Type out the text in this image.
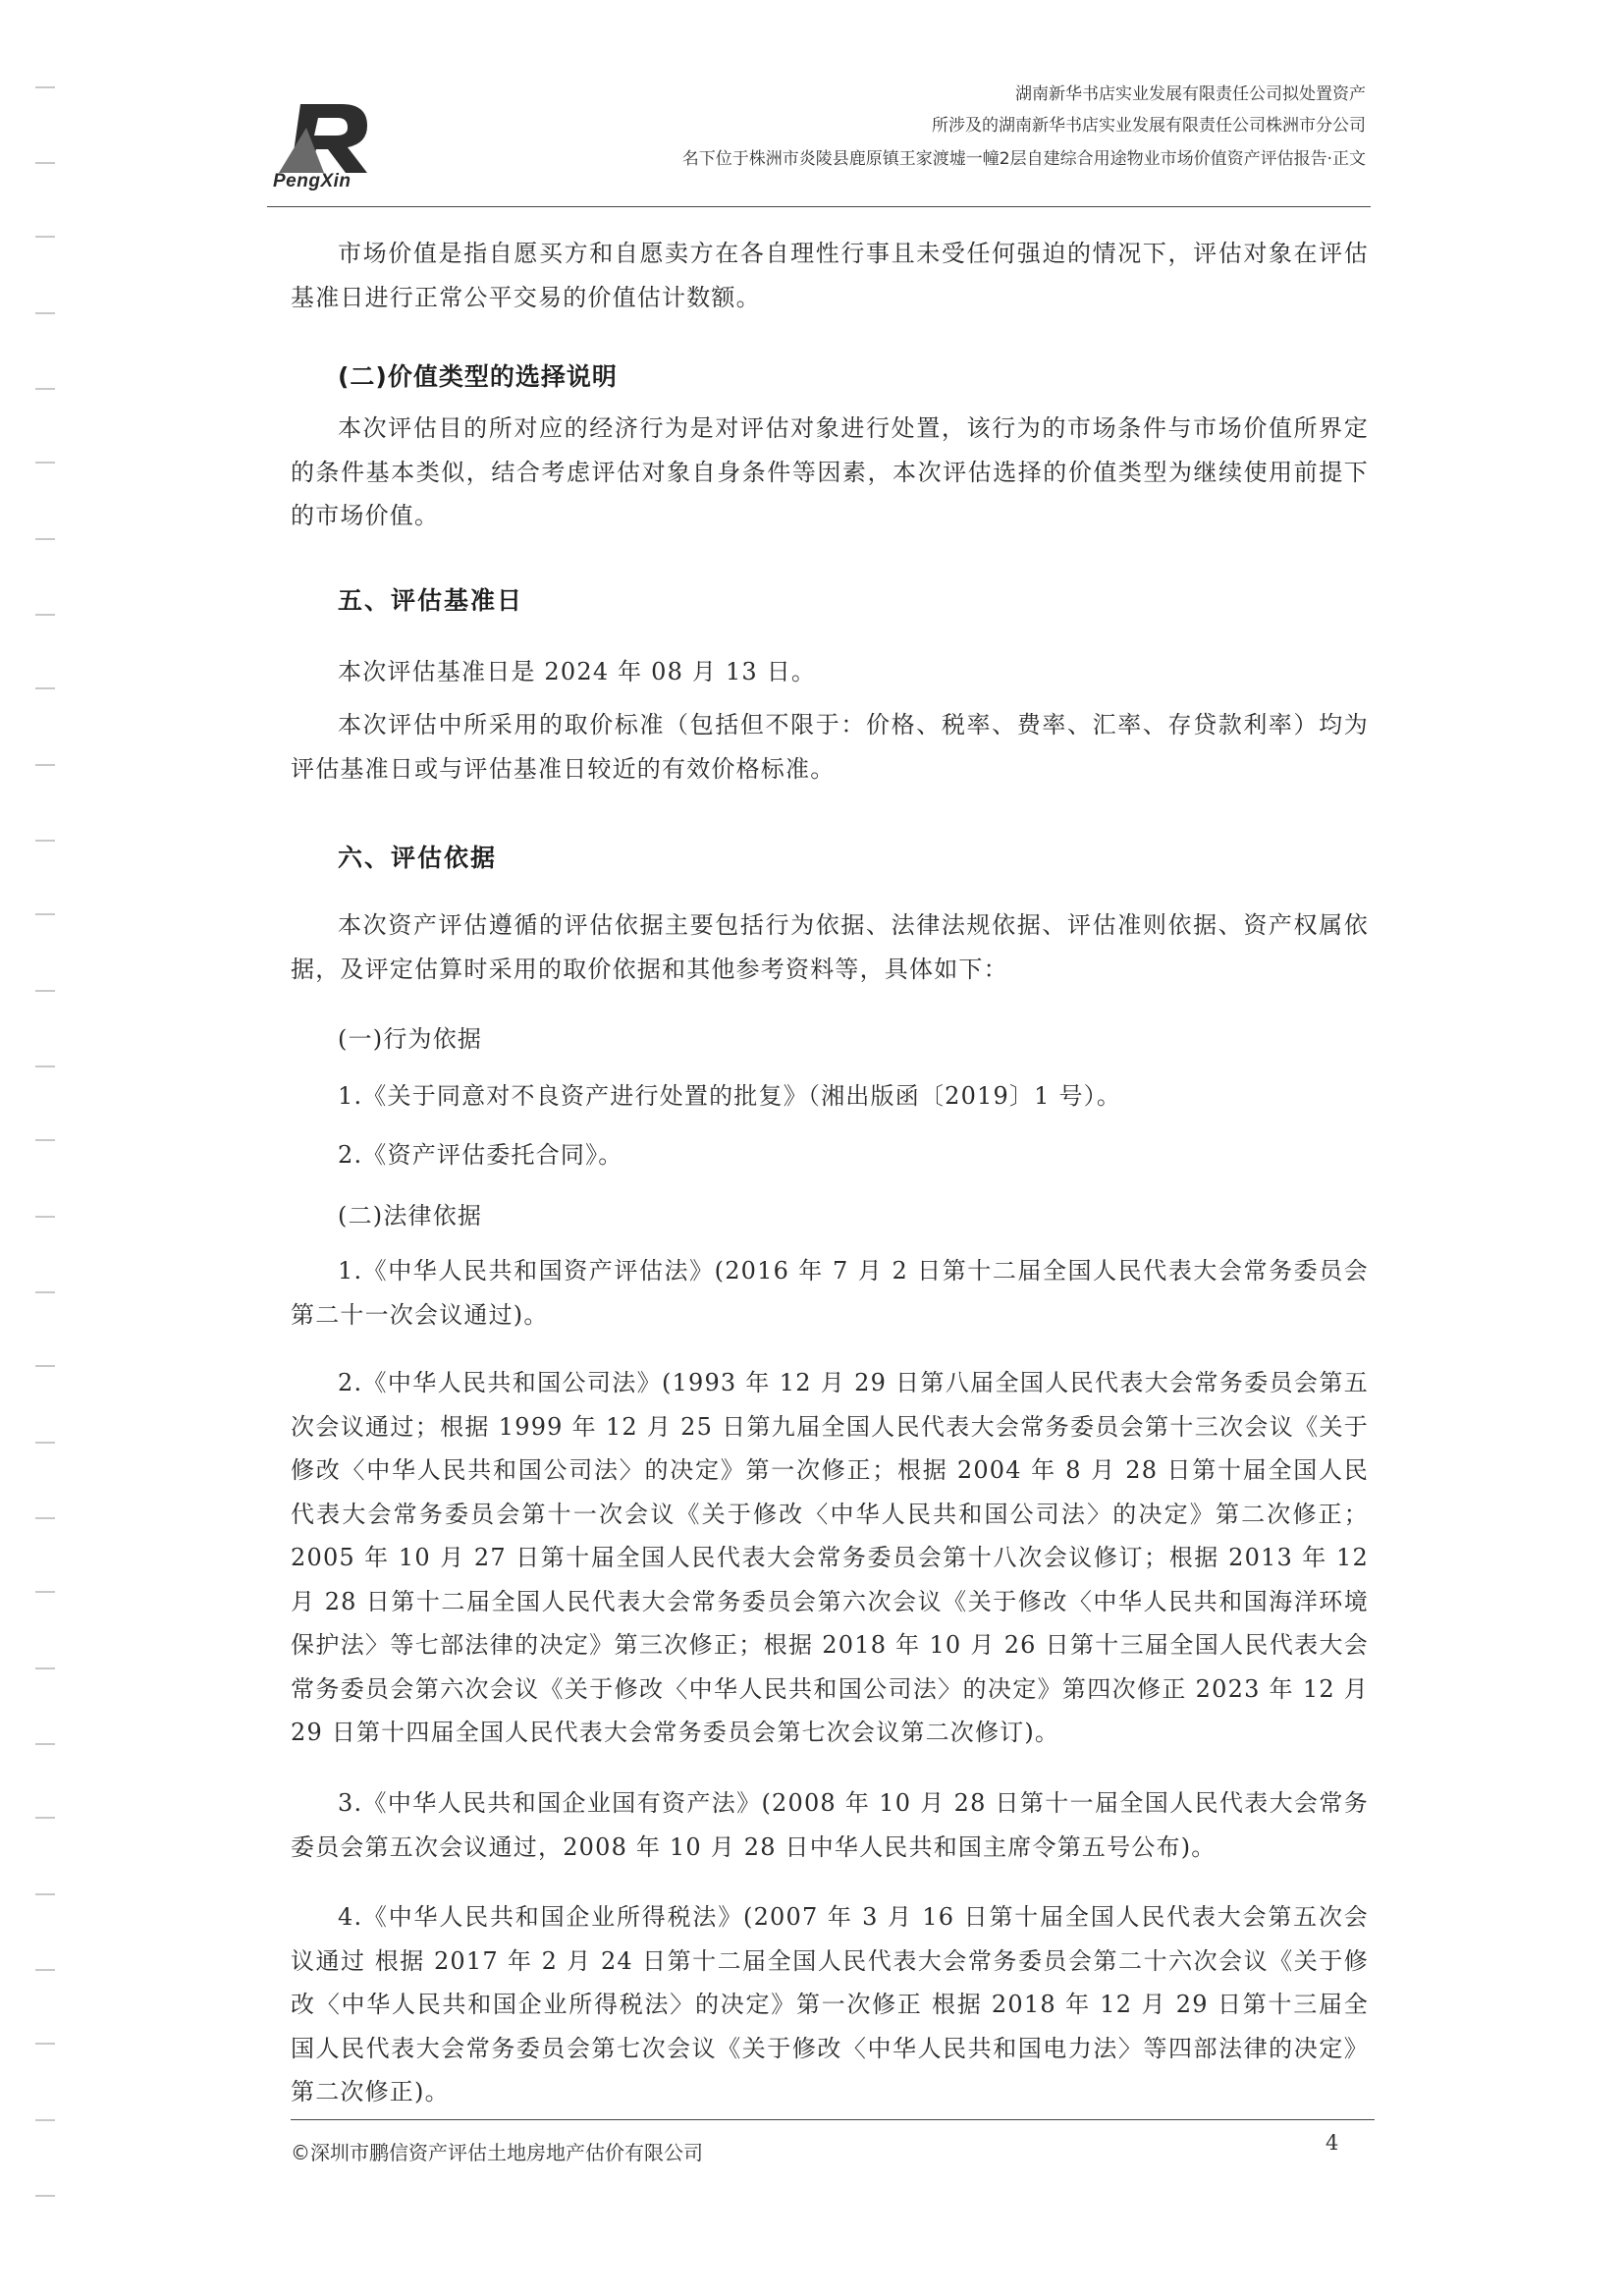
PengXin
湖南新华书店实业发展有限责任公司拟处置资产
所涉及的湖南新华书店实业发展有限责任公司株洲市分公司
名下位于株洲市炎陵县鹿原镇王家渡墟一幢2层自建综合用途物业市场价值资产评估报告·正文
市场价值是指自愿买方和自愿卖方在各自理性行事且未受任何强迫的情况下，评估对象在评估基准日进行正常公平交易的价值估计数额。
(二)价值类型的选择说明
本次评估目的所对应的经济行为是对评估对象进行处置，该行为的市场条件与市场价值所界定的条件基本类似，结合考虑评估对象自身条件等因素，本次评估选择的价值类型为继续使用前提下的市场价值。
五、评估基准日
本次评估基准日是 2024 年 08 月 13 日。
本次评估中所采用的取价标准（包括但不限于：价格、税率、费率、汇率、存贷款利率）均为评估基准日或与评估基准日较近的有效价格标准。
六、评估依据
本次资产评估遵循的评估依据主要包括行为依据、法律法规依据、评估准则依据、资产权属依据，及评定估算时采用的取价依据和其他参考资料等，具体如下：
(一)行为依据
1.《关于同意对不良资产进行处置的批复》（湘出版函〔2019〕1 号）。
2.《资产评估委托合同》。
(二)法律依据
1.《中华人民共和国资产评估法》(2016 年 7 月 2 日第十二届全国人民代表大会常务委员会第二十一次会议通过)。
2.《中华人民共和国公司法》(1993 年 12 月 29 日第八届全国人民代表大会常务委员会第五次会议通过；根据 1999 年 12 月 25 日第九届全国人民代表大会常务委员会第十三次会议《关于修改〈中华人民共和国公司法〉的决定》第一次修正；根据 2004 年 8 月 28 日第十届全国人民代表大会常务委员会第十一次会议《关于修改〈中华人民共和国公司法〉的决定》第二次修正；2005 年 10 月 27 日第十届全国人民代表大会常务委员会第十八次会议修订；根据 2013 年 12 月 28 日第十二届全国人民代表大会常务委员会第六次会议《关于修改〈中华人民共和国海洋环境保护法〉等七部法律的决定》第三次修正；根据 2018 年 10 月 26 日第十三届全国人民代表大会常务委员会第六次会议《关于修改〈中华人民共和国公司法〉的决定》第四次修正 2023 年 12 月 29 日第十四届全国人民代表大会常务委员会第七次会议第二次修订)。
3.《中华人民共和国企业国有资产法》(2008 年 10 月 28 日第十一届全国人民代表大会常务委员会第五次会议通过，2008 年 10 月 28 日中华人民共和国主席令第五号公布)。
4.《中华人民共和国企业所得税法》(2007 年 3 月 16 日第十届全国人民代表大会第五次会议通过 根据 2017 年 2 月 24 日第十二届全国人民代表大会常务委员会第二十六次会议《关于修改〈中华人民共和国企业所得税法〉的决定》第一次修正 根据 2018 年 12 月 29 日第十三届全国人民代表大会常务委员会第七次会议《关于修改〈中华人民共和国电力法〉等四部法律的决定》第二次修正)。
©深圳市鹏信资产评估土地房地产估价有限公司	4
